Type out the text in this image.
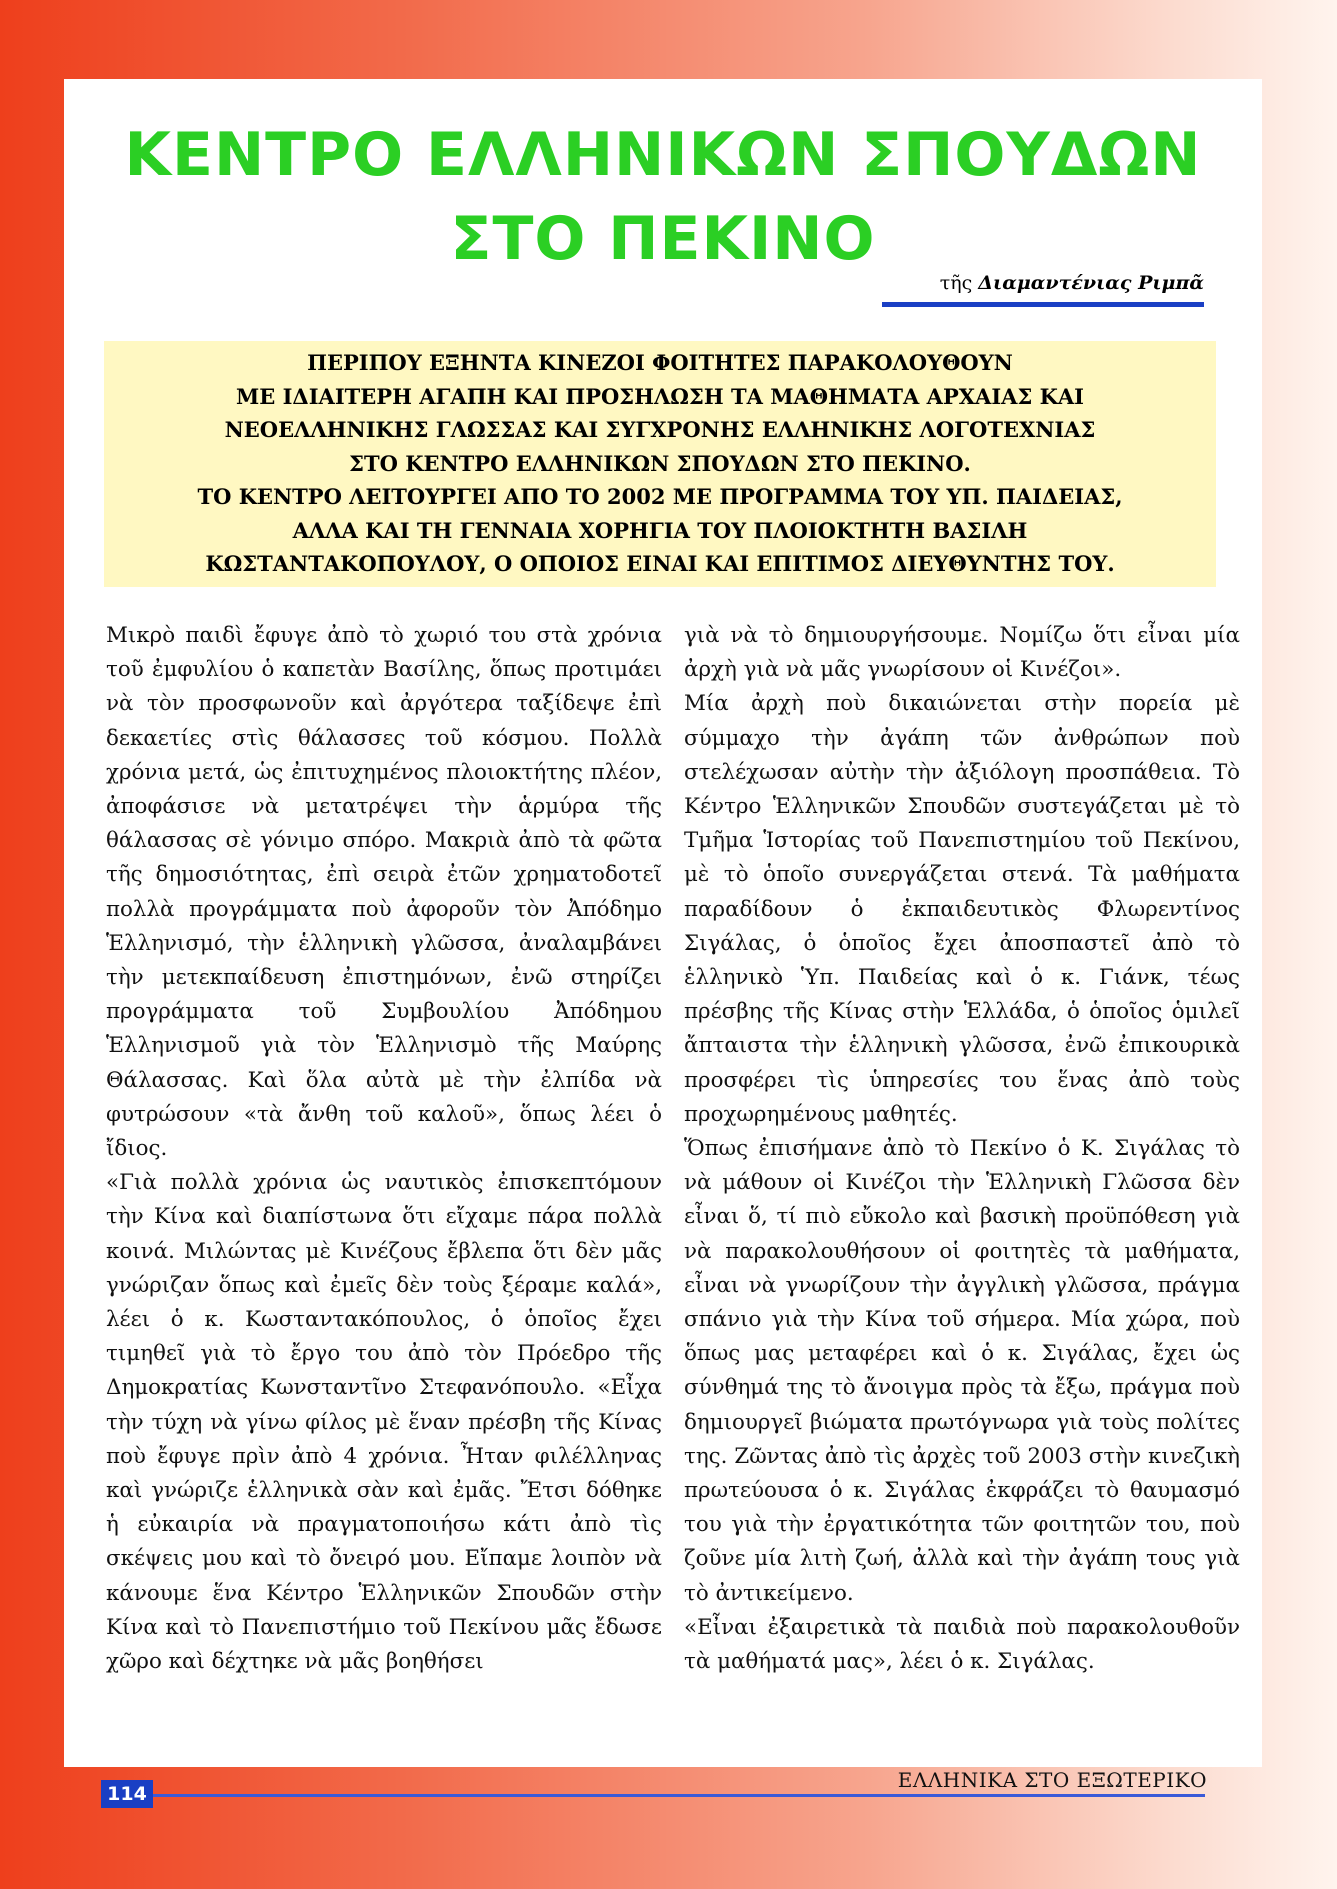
ΚΕΝΤΡΟ ΕΛΛΗΝΙΚΩΝ ΣΠΟΥΔΩΝ
ΣΤΟ ΠΕΚΙΝΟ
τῆς Διαμαντένιας Ριμπᾶ

ΠΕΡΙΠΟΥ ΕΞΗΝΤΑ ΚΙΝΕΖΟΙ ΦΟΙΤΗΤΕΣ ΠΑΡΑΚΟΛΟΥΘΟΥΝ

ΜΕ ΙΔΙΑΙΤΕΡΗ ΑΓΑΠΗ ΚΑΙ ΠΡΟΣΗΛΩΣΗ ΤΑ ΜΑΘΗΜΑΤΑ ΑΡΧΑΙΑΣ ΚΑΙ

ΝΕΟΕΛΛΗΝΙΚΗΣ ΓΛΩΣΣΑΣ ΚΑΙ ΣΥΓΧΡΟΝΗΣ ΕΛΛΗΝΙΚΗΣ ΛΟΓΟΤΕΧΝΙΑΣ

ΣΤΟ ΚΕΝΤΡΟ ΕΛΛΗΝΙΚΩΝ ΣΠΟΥΔΩΝ ΣΤΟ ΠΕΚΙΝΟ.

ΤΟ ΚΕΝΤΡΟ ΛΕΙΤΟΥΡΓΕΙ ΑΠΟ ΤΟ 2002 ΜΕ ΠΡΟΓΡΑΜΜΑ ΤΟΥ ΥΠ. ΠΑΙΔΕΙΑΣ,

ΑΛΛΑ ΚΑΙ ΤΗ ΓΕΝΝΑΙΑ ΧΟΡΗΓΙΑ ΤΟΥ ΠΛΟΙΟΚΤΗΤΗ ΒΑΣΙΛΗ

ΚΩΣΤΑΝΤΑΚΟΠΟΥΛΟΥ, Ο ΟΠΟΙΟΣ ΕΙΝΑΙ ΚΑΙ ΕΠΙΤΙΜΟΣ ΔΙΕΥΘΥΝΤΗΣ ΤΟΥ.

Μικρὸ παιδὶ ἔφυγε ἀπὸ τὸ χωριό του στὰ χρόνια τοῦ ἐμφυλίου ὁ καπετὰν Βασίλης, ὅπως προτιμάει νὰ τὸν προσφωνοῦν καὶ ἀργότερα ταξίδεψε ἐπὶ δεκαετίες στὶς θάλασσες τοῦ κόσμου. Πολλὰ χρόνια μετά, ὡς ἐπιτυχημένος πλοιοκτήτης πλέον, ἀποφάσισε νὰ μετατρέψει τὴν ἁρμύρα τῆς θάλασσας σὲ γόνιμο σπόρο. Μακριὰ ἀπὸ τὰ φῶτα τῆς δημοσιότητας, ἐπὶ σειρὰ ἐτῶν χρηματοδοτεῖ πολλὰ προγράμματα ποὺ ἀφοροῦν τὸν Ἀπόδημο Ἑλληνισμό, τὴν ἑλληνικὴ γλῶσσα, ἀναλαμβάνει τὴν μετεκπαίδευση ἐπιστημόνων, ἐνῶ στηρίζει προγράμματα τοῦ Συμβουλίου Ἀπόδημου Ἑλληνισμοῦ γιὰ τὸν Ἑλληνισμὸ τῆς Μαύρης Θάλασσας. Καὶ ὅλα αὐτὰ μὲ τὴν ἐλπίδα νὰ φυτρώσουν «τὰ ἄνθη τοῦ καλοῦ», ὅπως λέει ὁ ἴδιος.

«Γιὰ πολλὰ χρόνια ὡς ναυτικὸς ἐπισκεπτόμουν τὴν Κίνα καὶ διαπίστωνα ὅτι εἴχαμε πάρα πολλὰ κοινά. Μιλώντας μὲ Κινέζους ἔβλεπα ὅτι δὲν μᾶς γνώριζαν ὅπως καὶ ἐμεῖς δὲν τοὺς ξέραμε καλά», λέει ὁ κ. Κωσταντακόπουλος, ὁ ὁποῖος ἔχει τιμηθεῖ γιὰ τὸ ἔργο του ἀπὸ τὸν Πρόεδρο τῆς Δημοκρατίας Κωνσταντῖνο Στεφανόπουλο. «Εἶχα τὴν τύχη νὰ γίνω φίλος μὲ ἕναν πρέσβη τῆς Κίνας ποὺ ἔφυγε πρὶν ἀπὸ 4 χρόνια. Ἦταν φιλέλληνας καὶ γνώριζε ἑλληνικὰ σὰν καὶ ἐμᾶς. Ἔτσι δόθηκε ἡ εὐκαιρία νὰ πραγματοποιήσω κάτι ἀπὸ τὶς σκέψεις μου καὶ τὸ ὄνειρό μου. Εἴπαμε λοιπὸν νὰ κάνουμε ἕνα Κέντρο Ἑλληνικῶν Σπουδῶν στὴν Κίνα καὶ τὸ Πανεπιστήμιο τοῦ Πεκίνου μᾶς ἔδωσε χῶρο καὶ δέχτηκε νὰ μᾶς βοηθήσει

γιὰ νὰ τὸ δημιουργήσουμε. Νομίζω ὅτι εἶναι μία ἀρχὴ γιὰ νὰ μᾶς γνωρίσουν οἱ Κινέζοι».

Μία ἀρχὴ ποὺ δικαιώνεται στὴν πορεία μὲ σύμμαχο τὴν ἀγάπη τῶν ἀνθρώπων ποὺ στελέχωσαν αὐτὴν τὴν ἀξιόλογη προσπάθεια. Τὸ Κέντρο Ἑλληνικῶν Σπουδῶν συστεγάζεται μὲ τὸ Τμῆμα Ἱστορίας τοῦ Πανεπιστημίου τοῦ Πεκίνου, μὲ τὸ ὁποῖο συνεργάζεται στενά. Τὰ μαθήματα παραδίδουν ὁ ἐκπαιδευτικὸς Φλωρεντίνος Σιγάλας, ὁ ὁποῖος ἔχει ἀποσπαστεῖ ἀπὸ τὸ ἑλληνικὸ Ὑπ. Παιδείας καὶ ὁ κ. Γιάνκ, τέως πρέσβης τῆς Κίνας στὴν Ἑλλάδα, ὁ ὁποῖος ὁμιλεῖ ἄπταιστα τὴν ἑλληνικὴ γλῶσσα, ἐνῶ ἐπικουρικὰ προσφέρει τὶς ὑπηρεσίες του ἕνας ἀπὸ τοὺς προχωρημένους μαθητές.

Ὅπως ἐπισήμανε ἀπὸ τὸ Πεκίνο ὁ Κ. Σιγάλας τὸ νὰ μάθουν οἱ Κινέζοι τὴν Ἑλληνικὴ Γλῶσσα δὲν εἶναι ὅ, τί πιὸ εὔκολο καὶ βασικὴ προϋπόθεση γιὰ νὰ παρακολουθήσουν οἱ φοιτητὲς τὰ μαθήματα, εἶναι νὰ γνωρίζουν τὴν ἀγγλικὴ γλῶσσα, πράγμα σπάνιο γιὰ τὴν Κίνα τοῦ σήμερα. Μία χώρα, ποὺ ὅπως μας μεταφέρει καὶ ὁ κ. Σιγάλας, ἔχει ὡς σύνθημά της τὸ ἄνοιγμα πρὸς τὰ ἔξω, πράγμα ποὺ δημιουργεῖ βιώματα πρωτόγνωρα γιὰ τοὺς πολίτες της. Ζῶντας ἀπὸ τὶς ἀρχὲς τοῦ 2003 στὴν κινεζικὴ πρωτεύουσα ὁ κ. Σιγάλας ἐκφράζει τὸ θαυμασμό του γιὰ τὴν ἐργατικότητα τῶν φοιτητῶν του, ποὺ ζοῦνε μία λιτὴ ζωή, ἀλλὰ καὶ τὴν ἀγάπη τους γιὰ τὸ ἀντικείμενο.

«Εἶναι ἐξαιρετικὰ τὰ παιδιὰ ποὺ παρακολουθοῦν τὰ μαθήματά μας», λέει ὁ κ. Σιγάλας.

114
ΕΛΛΗΝΙΚΑ ΣΤΟ ΕΞΩΤΕΡΙΚΟ
